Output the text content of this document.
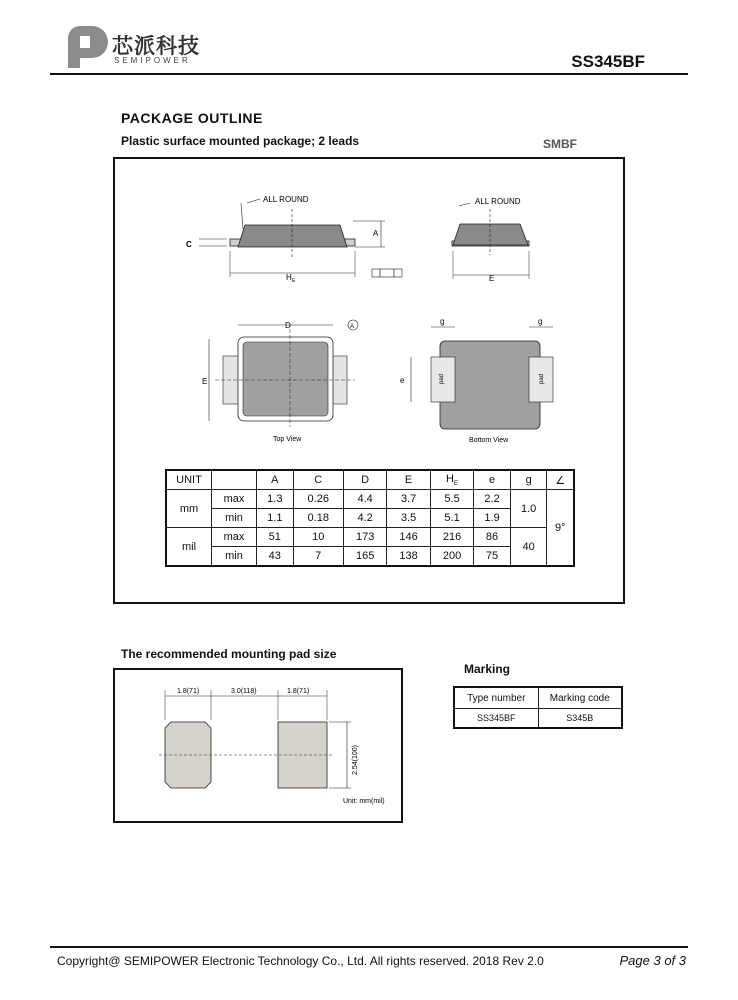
芯派科技
SEMIPOWER	SS345BF
PACKAGE OUTLINE
Plastic surface mounted package; 2 leads	SMBF
ALL ROUND
A
C
H E
ALL ROUND
E
D	A
E
Top View
pad	pad
g	g
e
Bottom View
UNIT		A	C	D	E	$H_E$	e	g	∠
mm	max	1.3	0.26	4.4	3.7	5.5	2.2	1.0	9°
	min	1.1	0.18	4.2	3.5	5.1	1.9		
mil	max	51	10	173	146	216	86	40	
	min	43	7	165	138	200	75		
The recommended mounting pad size
1.8(71)	3.0(118)	1.8(71)
2.54(100)
Unit: mm(mil)
Marking
Type number	Marking code
SS345BF	S345B
Copyright@ SEMIPOWER Electronic Technology Co., Ltd. All rights reserved. 2018 Rev 2.0	Page 3 of 3
